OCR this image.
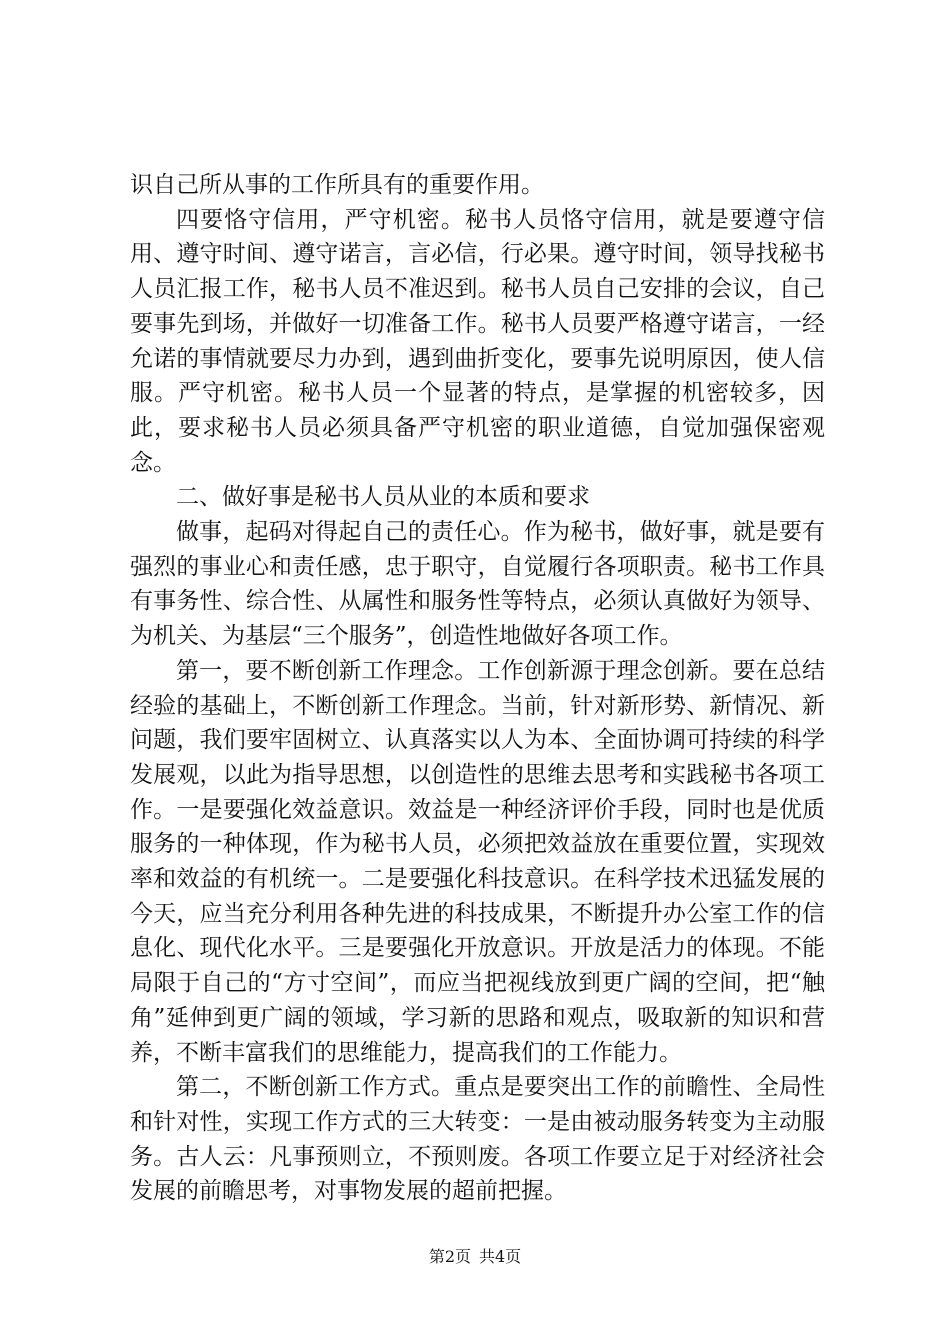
识自己所从事的工作所具有的重要作用。

四要恪守信用，严守机密。秘书人员恪守信用，就是要遵守信用、遵守时间、遵守诺言，言必信，行必果。遵守时间，领导找秘书人员汇报工作，秘书人员不准迟到。秘书人员自己安排的会议，自己要事先到场，并做好一切准备工作。秘书人员要严格遵守诺言，一经允诺的事情就要尽力办到，遇到曲折变化，要事先说明原因，使人信服。严守机密。秘书人员一个显著的特点，是掌握的机密较多，因此，要求秘书人员必须具备严守机密的职业道德，自觉加强保密观念。

二、做好事是秘书人员从业的本质和要求

做事，起码对得起自己的责任心。作为秘书，做好事，就是要有强烈的事业心和责任感，忠于职守，自觉履行各项职责。秘书工作具有事务性、综合性、从属性和服务性等特点，必须认真做好为领导、为机关、为基层“三个服务”，创造性地做好各项工作。

第一，要不断创新工作理念。工作创新源于理念创新。要在总结经验的基础上，不断创新工作理念。当前，针对新形势、新情况、新问题，我们要牢固树立、认真落实以人为本、全面协调可持续的科学发展观，以此为指导思想，以创造性的思维去思考和实践秘书各项工作。一是要强化效益意识。效益是一种经济评价手段，同时也是优质服务的一种体现，作为秘书人员，必须把效益放在重要位置，实现效率和效益的有机统一。二是要强化科技意识。在科学技术迅猛发展的今天，应当充分利用各种先进的科技成果，不断提升办公室工作的信息化、现代化水平。三是要强化开放意识。开放是活力的体现。不能局限于自己的“方寸空间”，而应当把视线放到更广阔的空间，把“触角”延伸到更广阔的领域，学习新的思路和观点，吸取新的知识和营养，不断丰富我们的思维能力，提高我们的工作能力。

第二，不断创新工作方式。重点是要突出工作的前瞻性、全局性和针对性，实现工作方式的三大转变：一是由被动服务转变为主动服务。古人云：凡事预则立，不预则废。各项工作要立足于对经济社会发展的前瞻思考，对事物发展的超前把握。

第2页 共4页
